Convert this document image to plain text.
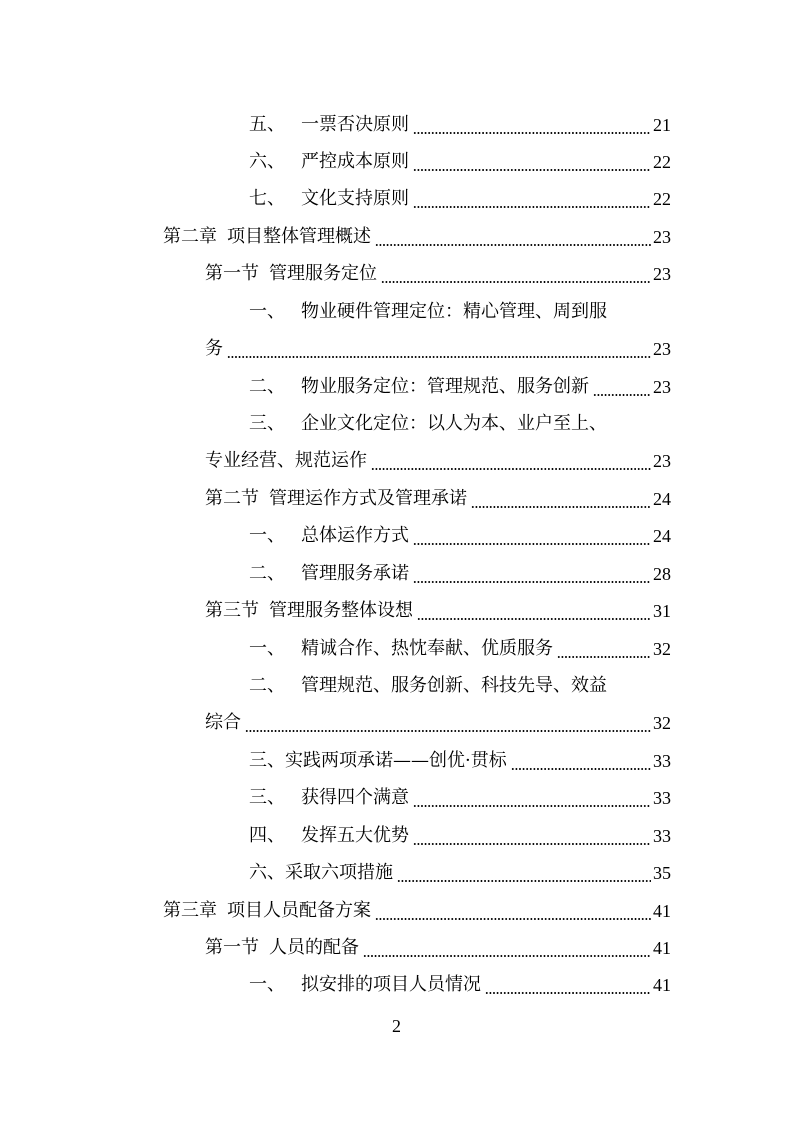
五、 一票否决原则	21
六、 严控成本原则	22
七、 文化支持原则	22
第二章 项目整体管理概述	23
第一节 管理服务定位	23
一、 物业硬件管理定位：精心管理、周到服
务	23
二、 物业服务定位：管理规范、服务创新	23
三、 企业文化定位：以人为本、业户至上、
专业经营、规范运作	23
第二节 管理运作方式及管理承诺	24
一、 总体运作方式	24
二、 管理服务承诺	28
第三节 管理服务整体设想	31
一、 精诚合作、热忱奉献、优质服务	32
二、 管理规范、服务创新、科技先导、效益
综合	32
三、实践两项承诺——创优·贯标	33
三、 获得四个满意	33
四、 发挥五大优势	33
六、采取六项措施	35
第三章 项目人员配备方案	41
第一节 人员的配备	41
一、 拟安排的项目人员情况	41
2
